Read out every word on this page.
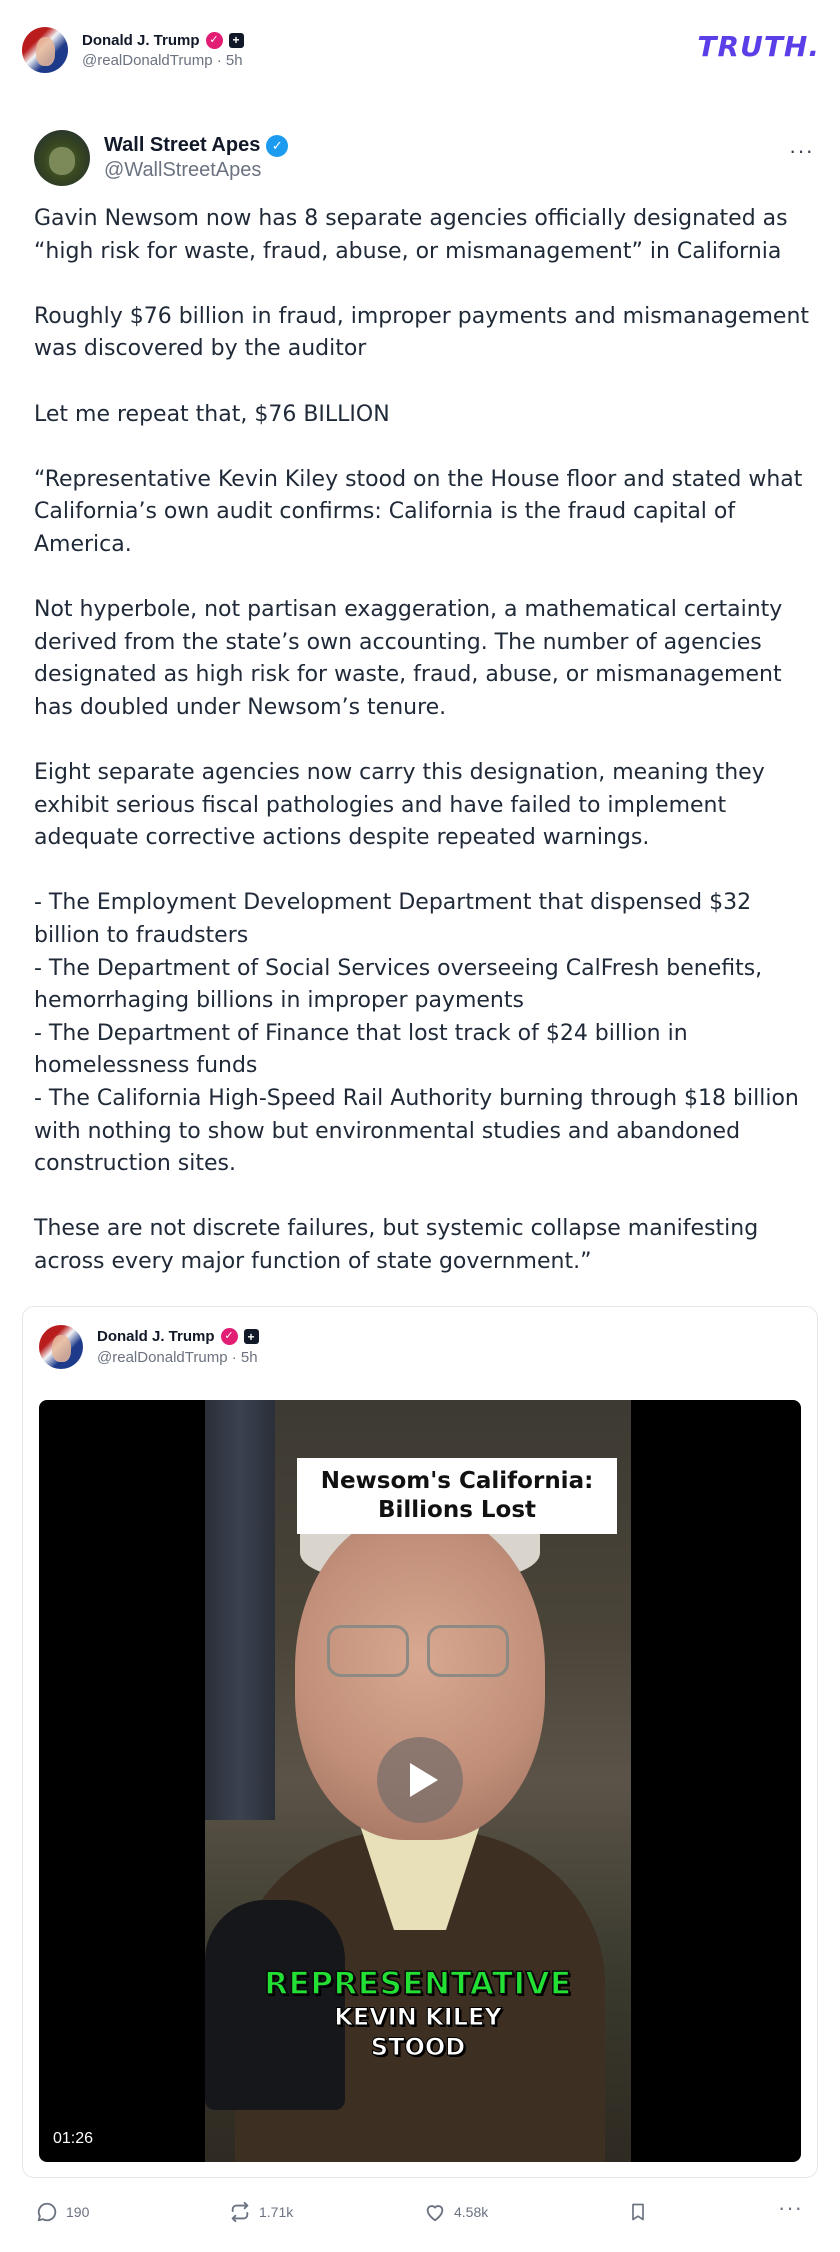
Donald J. Trump ✓	+
@realDonaldTrump · 5h	TRUTH.
Wall Street Apes ✓
@WallStreetApes
···

Gavin Newsom now has 8 separate agencies officially designated as “high risk for waste, fraud, abuse, or mismanagement” in California

Roughly $76 billion in fraud, improper payments and mismanagement was discovered by the auditor

Let me repeat that, $76 BILLION

“Representative Kevin Kiley stood on the House floor and stated what California’s own audit confirms: California is the fraud capital of America.

Not hyperbole, not partisan exaggeration, a mathematical certainty derived from the state’s own accounting. The number of agencies designated as high risk for waste, fraud, abuse, or mismanagement has doubled under Newsom’s tenure.

Eight separate agencies now carry this designation, meaning they exhibit serious fiscal pathologies and have failed to implement adequate corrective actions despite repeated warnings.

- The Employment Development Department that dispensed $32 billion to fraudsters
- The Department of Social Services overseeing CalFresh benefits, hemorrhaging billions in improper payments
- The Department of Finance that lost track of $24 billion in homelessness funds
- The California High-Speed Rail Authority burning through $18 billion with nothing to show but environmental studies and abandoned construction sites.

These are not discrete failures, but systemic collapse manifesting across every major function of state government.”

Donald J. Trump ✓	+
@realDonaldTrump · 5h
Newsom's California:
Billions Lost
REPRESENTATIVE
KEVIN KILEY
STOOD
01:26
190	1.71k	4.58k	···
